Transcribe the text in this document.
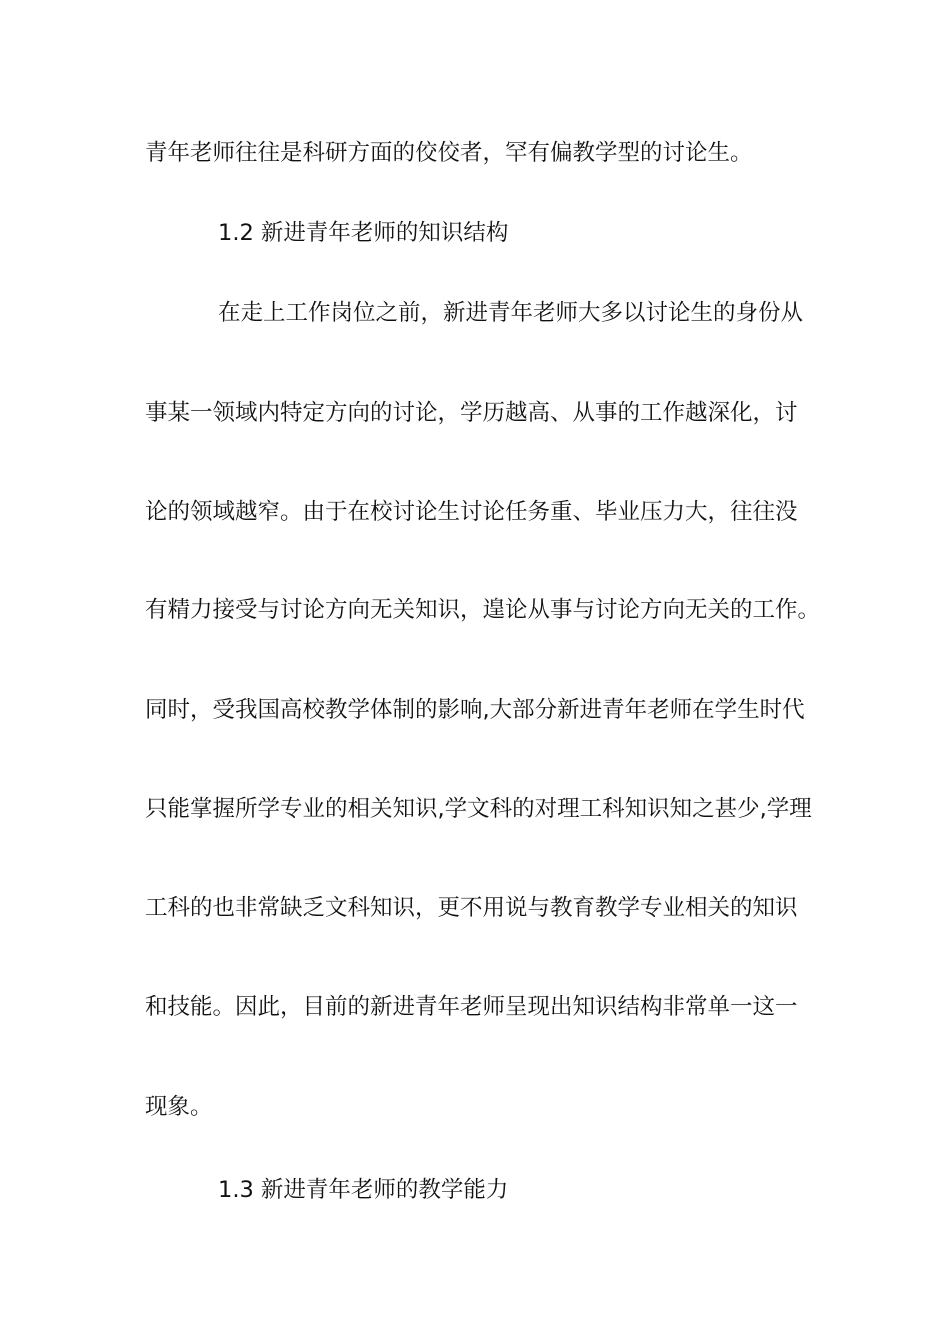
青年老师往往是科研方面的佼佼者，罕有偏教学型的讨论生。
1.2 新进青年老师的知识结构
在走上工作岗位之前，新进青年老师大多以讨论生的身份从
事某一领域内特定方向的讨论，学历越高、从事的工作越深化，讨
论的领域越窄。由于在校讨论生讨论任务重、毕业压力大，往往没
有精力接受与讨论方向无关知识，遑论从事与讨论方向无关的工作。
同时，受我国高校教学体制的影响,大部分新进青年老师在学生时代
只能掌握所学专业的相关知识,学文科的对理工科知识知之甚少,学理
工科的也非常缺乏文科知识，更不用说与教育教学专业相关的知识
和技能。因此，目前的新进青年老师呈现出知识结构非常单一这一
现象。
1.3 新进青年老师的教学能力
